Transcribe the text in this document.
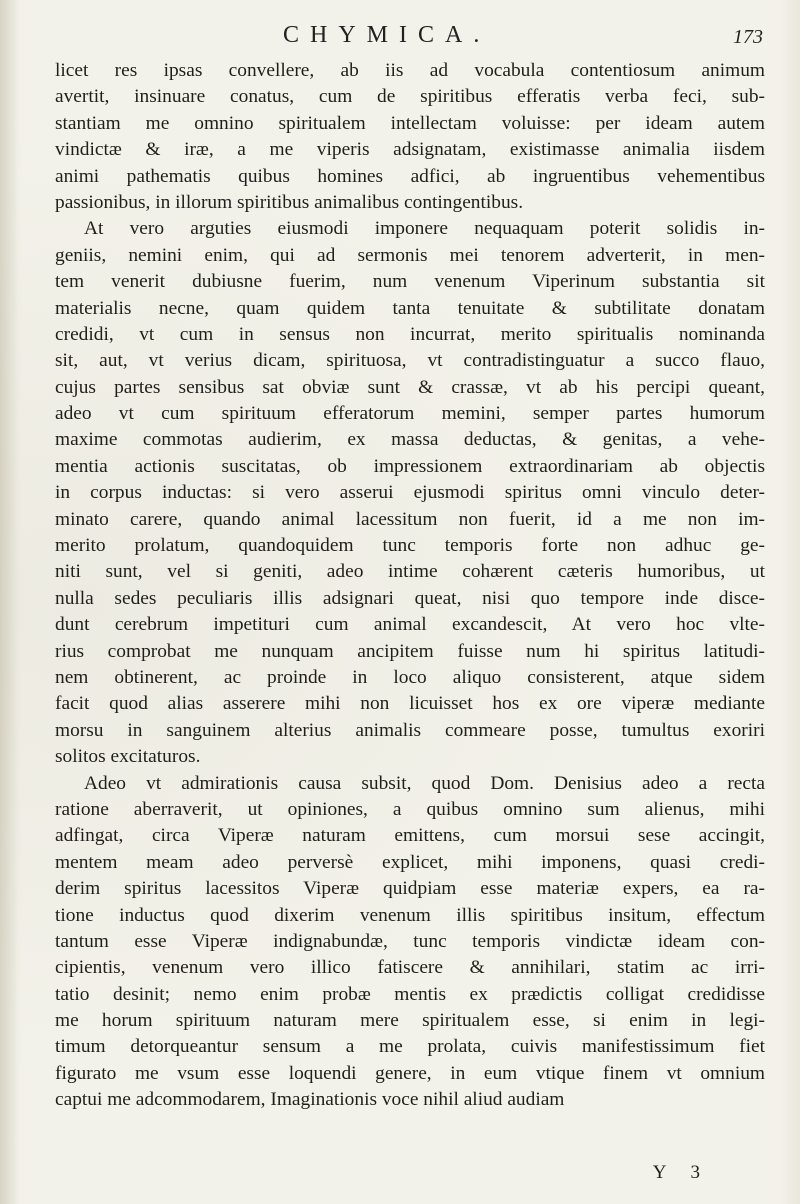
CHYMICA.	173
licet res ipsas convellere, ab iis ad vocabula contentiosum animum
avertit, insinuare conatus, cum de spiritibus efferatis verba feci, sub-
stantiam me omnino spiritualem intellectam voluisse: per ideam autem
vindictæ & iræ, a me viperis adsignatam, existimasse animalia iisdem
animi pathematis quibus homines adfici, ab ingruentibus vehementibus
passionibus, in illorum spiritibus animalibus contingentibus.
At vero arguties eiusmodi imponere nequaquam poterit solidis in-
geniis, nemini enim, qui ad sermonis mei tenorem adverterit, in men-
tem venerit dubiusne fuerim, num venenum Viperinum substantia sit
materialis necne, quam quidem tanta tenuitate & subtilitate donatam
credidi, vt cum in sensus non incurrat, merito spiritualis nominanda
sit, aut, vt verius dicam, spirituosa, vt contradistinguatur a succo flauo,
cujus partes sensibus sat obviæ sunt & crassæ, vt ab his percipi queant,
adeo vt cum spirituum efferatorum memini, semper partes humorum
maxime commotas audierim, ex massa deductas, & genitas, a vehe-
mentia actionis suscitatas, ob impressionem extraordinariam ab objectis
in corpus inductas: si vero asserui ejusmodi spiritus omni vinculo deter-
minato carere, quando animal lacessitum non fuerit, id a me non im-
merito prolatum, quandoquidem tunc temporis forte non adhuc ge-
niti sunt, vel si geniti, adeo intime cohærent cæteris humoribus, ut
nulla sedes peculiaris illis adsignari queat, nisi quo tempore inde disce-
dunt cerebrum impetituri cum animal excandescit, At vero hoc vlte-
rius comprobat me nunquam ancipitem fuisse num hi spiritus latitudi-
nem obtinerent, ac proinde in loco aliquo consisterent, atque sidem
facit quod alias asserere mihi non licuisset hos ex ore viperæ mediante
morsu in sanguinem alterius animalis commeare posse, tumultus exoriri
solitos excitaturos.
Adeo vt admirationis causa subsit, quod Dom. Denisius adeo a recta
ratione aberraverit, ut opiniones, a quibus omnino sum alienus, mihi
adfingat, circa Viperæ naturam emittens, cum morsui sese accingit,
mentem meam adeo perversè explicet, mihi imponens, quasi credi-
derim spiritus lacessitos Viperæ quidpiam esse materiæ expers, ea ra-
tione inductus quod dixerim venenum illis spiritibus insitum, effectum
tantum esse Viperæ indignabundæ, tunc temporis vindictæ ideam con-
cipientis, venenum vero illico fatiscere & annihilari, statim ac irri-
tatio desinit; nemo enim probæ mentis ex prædictis colligat credidisse
me horum spirituum naturam mere spiritualem esse, si enim in legi-
timum detorqueantur sensum a me prolata, cuivis manifestissimum fiet
figurato me vsum esse loquendi genere, in eum vtique finem vt omnium
captui me adcommodarem, Imaginationis voce nihil aliud audiam
Y 3
